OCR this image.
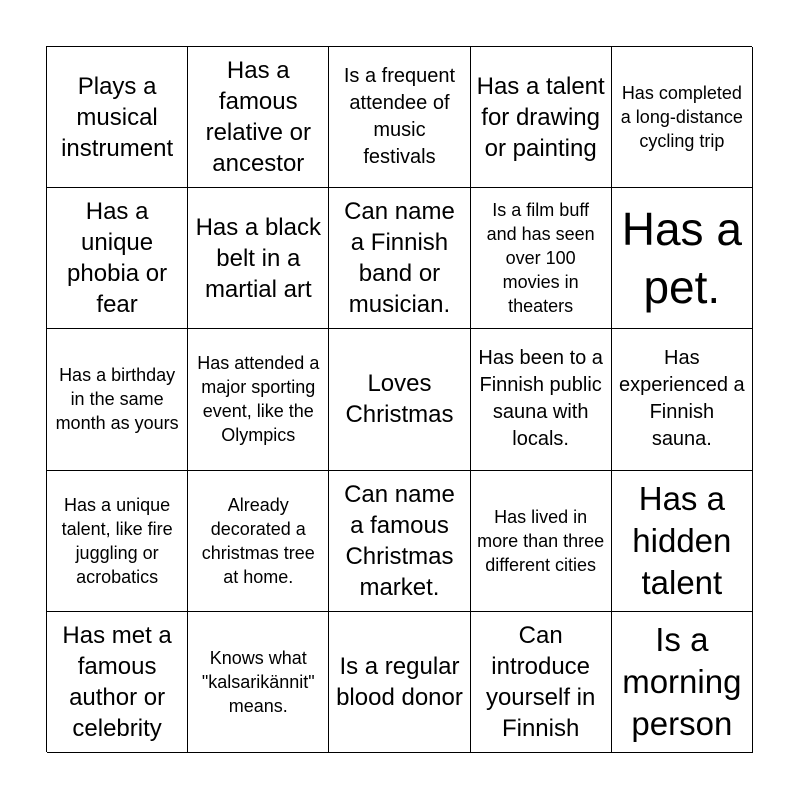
Plays a musical instrument
Has a famous relative or ancestor
Is a frequent attendee of music festivals
Has a talent for drawing or painting
Has completed a long-distance cycling trip
Has a unique phobia or fear
Has a black belt in a martial art
Can name a Finnish band or musician.
Is a film buff and has seen over 100 movies in theaters
Has a pet.
Has a birthday in the same month as yours
Has attended a major sporting event, like the Olympics
Loves Christmas
Has been to a Finnish public sauna with locals.
Has experienced a Finnish sauna.
Has a unique talent, like fire juggling or acrobatics
Already decorated a christmas tree at home.
Can name a famous Christmas market.
Has lived in more than three different cities
Has a hidden talent
Has met a famous author or celebrity
Knows what "kalsarikännit" means.
Is a regular blood donor
Can introduce yourself in Finnish
Is a morning person
